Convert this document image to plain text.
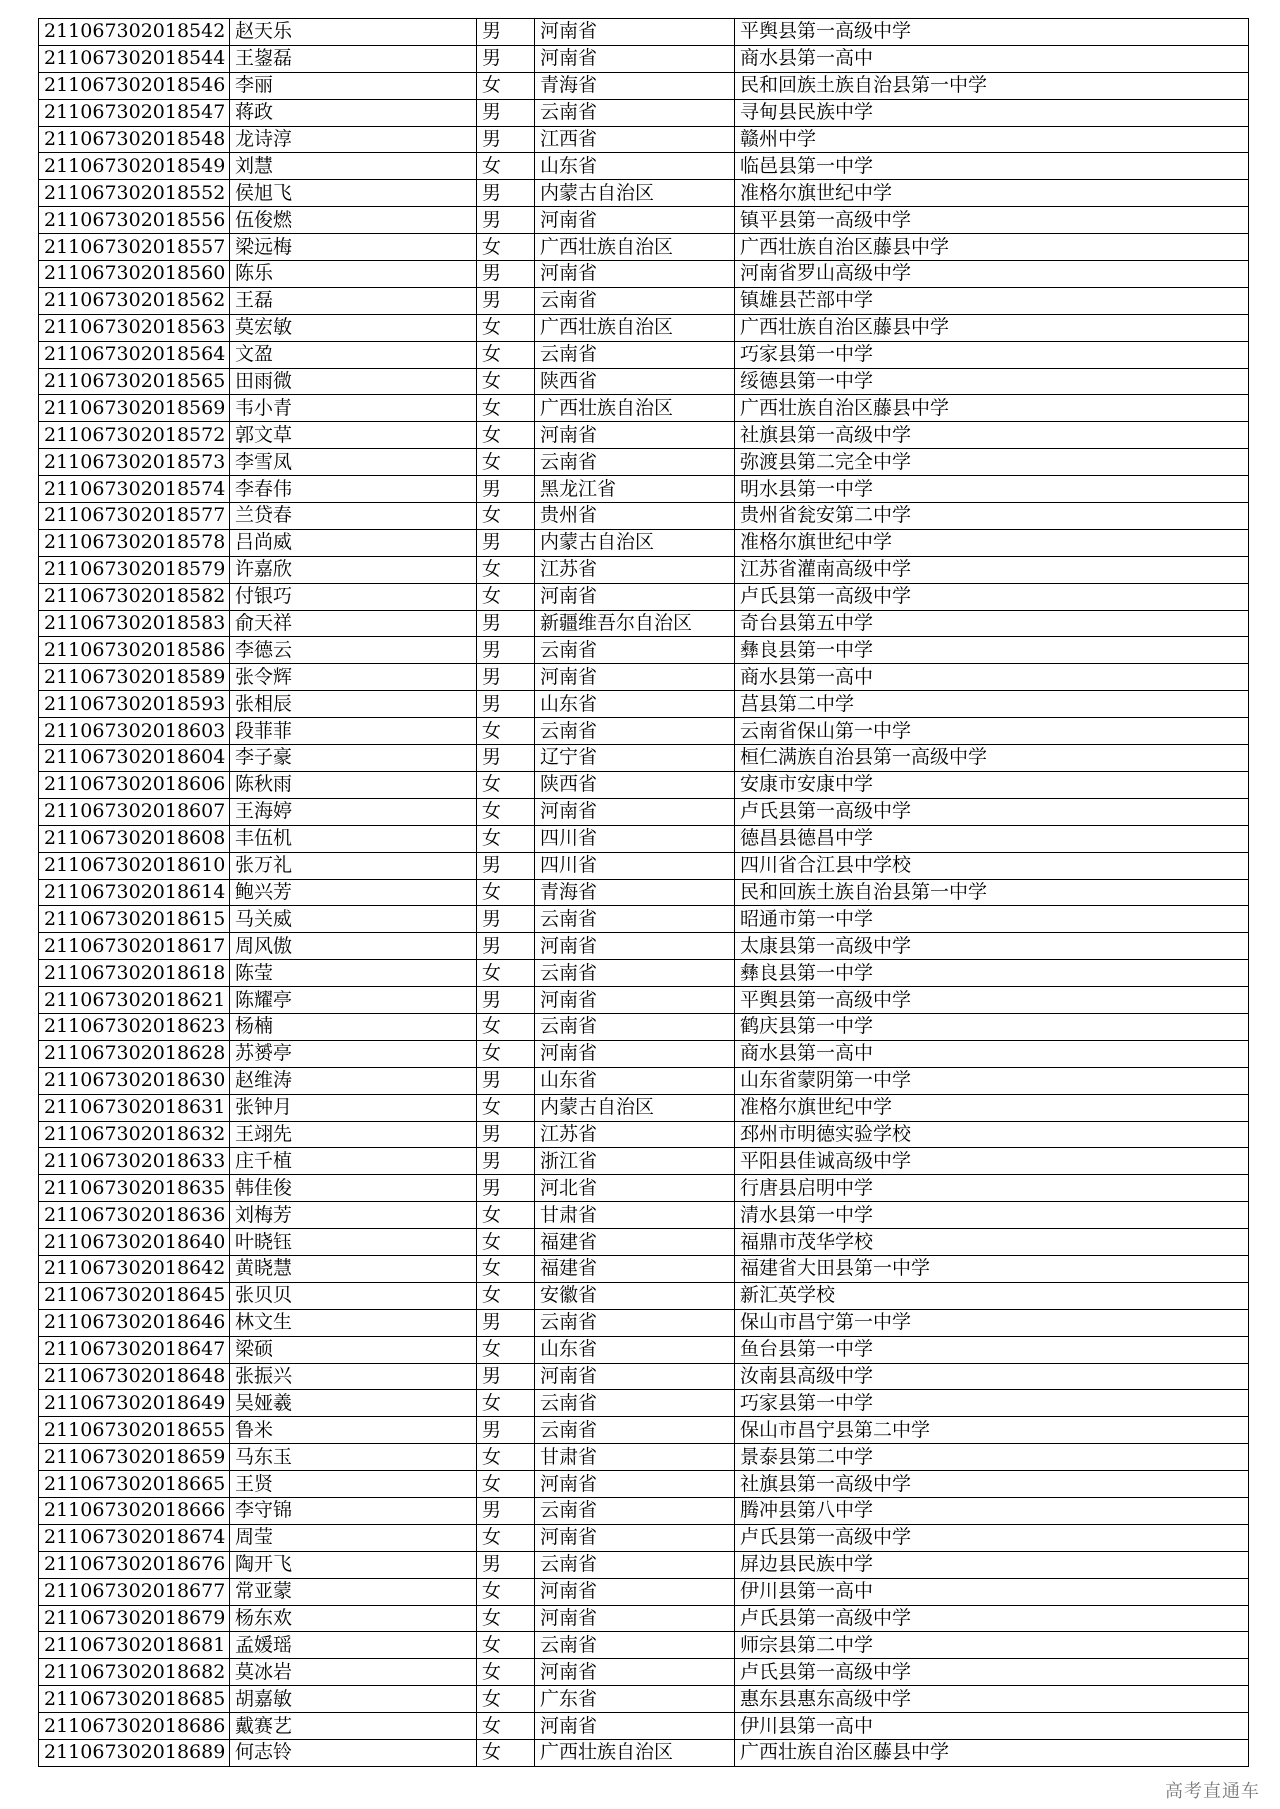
211067302018542	赵天乐	男	河南省	平舆县第一高级中学
211067302018544	王鋆磊	男	河南省	商水县第一高中
211067302018546	李丽	女	青海省	民和回族土族自治县第一中学
211067302018547	蒋政	男	云南省	寻甸县民族中学
211067302018548	龙诗淳	男	江西省	赣州中学
211067302018549	刘慧	女	山东省	临邑县第一中学
211067302018552	侯旭飞	男	内蒙古自治区	准格尔旗世纪中学
211067302018556	伍俊燃	男	河南省	镇平县第一高级中学
211067302018557	梁远梅	女	广西壮族自治区	广西壮族自治区藤县中学
211067302018560	陈乐	男	河南省	河南省罗山高级中学
211067302018562	王磊	男	云南省	镇雄县芒部中学
211067302018563	莫宏敏	女	广西壮族自治区	广西壮族自治区藤县中学
211067302018564	文盈	女	云南省	巧家县第一中学
211067302018565	田雨微	女	陕西省	绥德县第一中学
211067302018569	韦小青	女	广西壮族自治区	广西壮族自治区藤县中学
211067302018572	郭文草	女	河南省	社旗县第一高级中学
211067302018573	李雪凤	女	云南省	弥渡县第二完全中学
211067302018574	李春伟	男	黑龙江省	明水县第一中学
211067302018577	兰贷春	女	贵州省	贵州省瓮安第二中学
211067302018578	吕尚威	男	内蒙古自治区	准格尔旗世纪中学
211067302018579	许嘉欣	女	江苏省	江苏省灌南高级中学
211067302018582	付银巧	女	河南省	卢氏县第一高级中学
211067302018583	俞天祥	男	新疆维吾尔自治区	奇台县第五中学
211067302018586	李德云	男	云南省	彝良县第一中学
211067302018589	张令辉	男	河南省	商水县第一高中
211067302018593	张相辰	男	山东省	莒县第二中学
211067302018603	段菲菲	女	云南省	云南省保山第一中学
211067302018604	李子豪	男	辽宁省	桓仁满族自治县第一高级中学
211067302018606	陈秋雨	女	陕西省	安康市安康中学
211067302018607	王海婷	女	河南省	卢氏县第一高级中学
211067302018608	丰伍机	女	四川省	德昌县德昌中学
211067302018610	张万礼	男	四川省	四川省合江县中学校
211067302018614	鲍兴芳	女	青海省	民和回族土族自治县第一中学
211067302018615	马关威	男	云南省	昭通市第一中学
211067302018617	周风傲	男	河南省	太康县第一高级中学
211067302018618	陈莹	女	云南省	彝良县第一中学
211067302018621	陈耀亭	男	河南省	平舆县第一高级中学
211067302018623	杨楠	女	云南省	鹤庆县第一中学
211067302018628	苏赟亭	女	河南省	商水县第一高中
211067302018630	赵维涛	男	山东省	山东省蒙阴第一中学
211067302018631	张钟月	女	内蒙古自治区	准格尔旗世纪中学
211067302018632	王翊先	男	江苏省	邳州市明德实验学校
211067302018633	庄千植	男	浙江省	平阳县佳诚高级中学
211067302018635	韩佳俊	男	河北省	行唐县启明中学
211067302018636	刘梅芳	女	甘肃省	清水县第一中学
211067302018640	叶晓钰	女	福建省	福鼎市茂华学校
211067302018642	黄晓慧	女	福建省	福建省大田县第一中学
211067302018645	张贝贝	女	安徽省	新汇英学校
211067302018646	林文生	男	云南省	保山市昌宁第一中学
211067302018647	梁硕	女	山东省	鱼台县第一中学
211067302018648	张振兴	男	河南省	汝南县高级中学
211067302018649	吴娅羲	女	云南省	巧家县第一中学
211067302018655	鲁米	男	云南省	保山市昌宁县第二中学
211067302018659	马东玉	女	甘肃省	景泰县第二中学
211067302018665	王贤	女	河南省	社旗县第一高级中学
211067302018666	李守锦	男	云南省	腾冲县第八中学
211067302018674	周莹	女	河南省	卢氏县第一高级中学
211067302018676	陶开飞	男	云南省	屏边县民族中学
211067302018677	常亚蒙	女	河南省	伊川县第一高中
211067302018679	杨东欢	女	河南省	卢氏县第一高级中学
211067302018681	孟媛瑶	女	云南省	师宗县第二中学
211067302018682	莫冰岩	女	河南省	卢氏县第一高级中学
211067302018685	胡嘉敏	女	广东省	惠东县惠东高级中学
211067302018686	戴赛艺	女	河南省	伊川县第一高中
211067302018689	何志铃	女	广西壮族自治区	广西壮族自治区藤县中学
高考直通车
